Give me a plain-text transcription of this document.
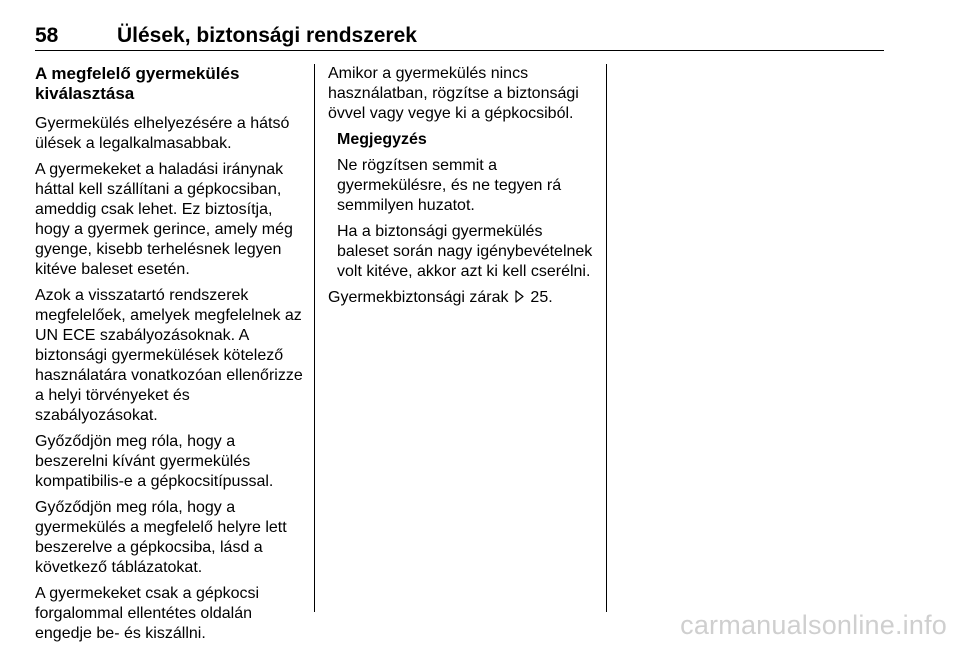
58	Ülések, biztonsági rendszerek
A megfelelő gyermekülés kiválasztása

Gyermekülés elhelyezésére a hátsó ülések a legalkalmasabbak.

A gyermekeket a haladási iránynak háttal kell szállítani a gépkocsiban, ameddig csak lehet. Ez biztosítja, hogy a gyermek gerince, amely még gyenge, kisebb terhelésnek legyen kitéve baleset esetén.

Azok a visszatartó rendszerek megfelelőek, amelyek megfelelnek az UN ECE szabályozásoknak. A biztonsági gyermekülések kötelező használatára vonatkozóan ellenőrizze a helyi törvényeket és szabályozásokat.

Győződjön meg róla, hogy a beszerelni kívánt gyermekülés kompatibilis-e a gépkocsitípussal.

Győződjön meg róla, hogy a gyermekülés a megfelelő helyre lett beszerelve a gépkocsiba, lásd a következő táblázatokat.

A gyermekeket csak a gépkocsi forgalommal ellentétes oldalán engedje be- és kiszállni.

Amikor a gyermekülés nincs használatban, rögzítse a biztonsági övvel vagy vegye ki a gépkocsiból.

Megjegyzés

Ne rögzítsen semmit a gyermekülésre, és ne tegyen rá semmilyen huzatot.

Ha a biztonsági gyermekülés baleset során nagy igénybevételnek volt kitéve, akkor azt ki kell cserélni.

Gyermekbiztonsági zárak 25.

carmanualsonline.info
